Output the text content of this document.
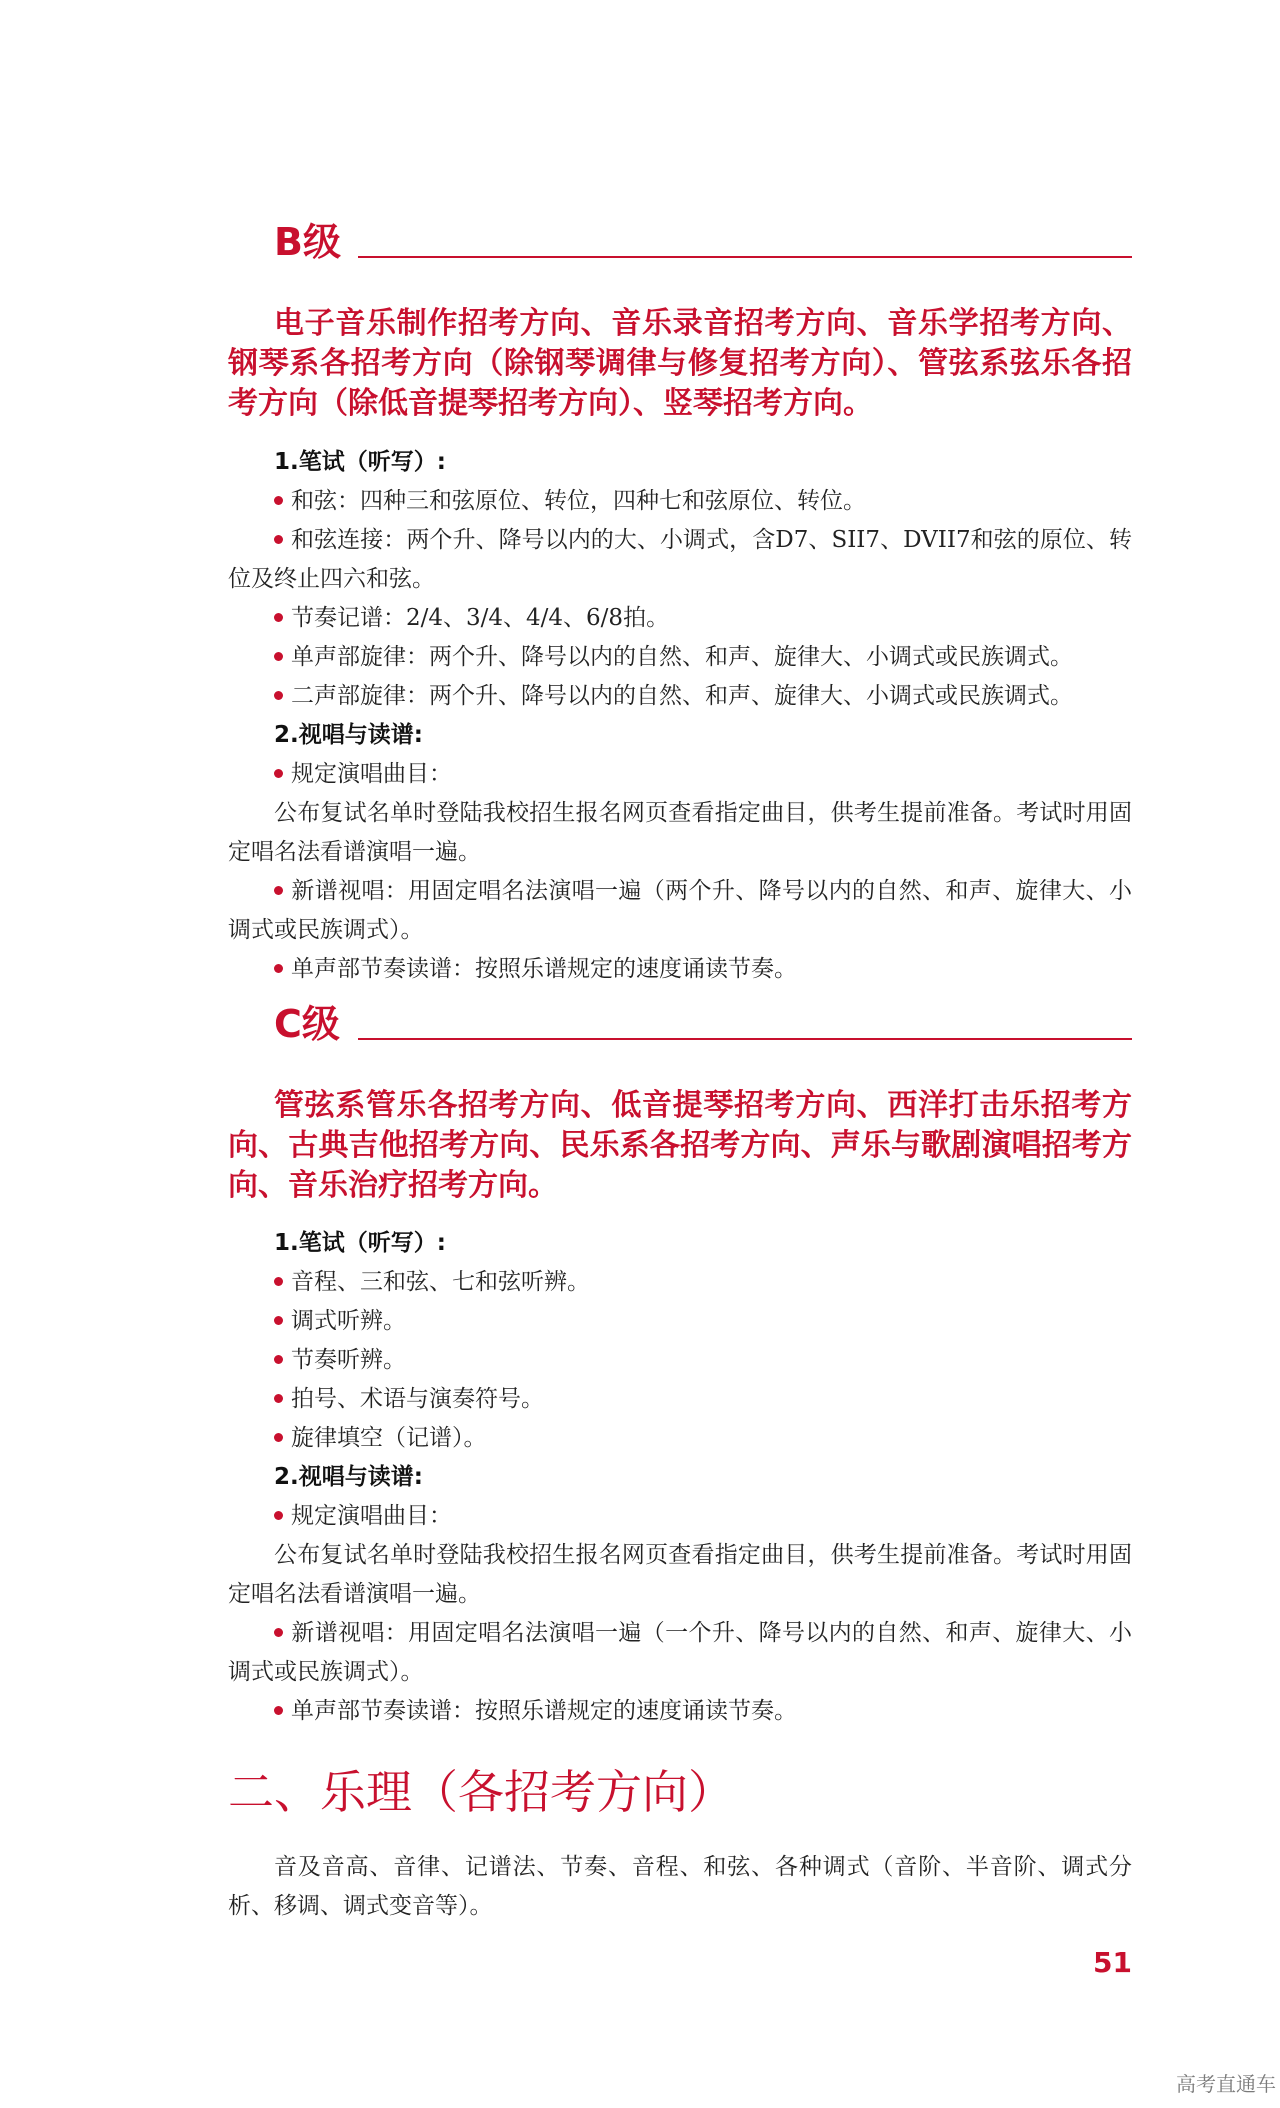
B级

电子音乐制作招考方向、音乐录音招考方向、音乐学招考方向、钢琴系各招考方向（除钢琴调律与修复招考方向）、管弦系弦乐各招考方向（除低音提琴招考方向）、竖琴招考方向。

1.笔试（听写）:
和弦：四种三和弦原位、转位，四种七和弦原位、转位。
和弦连接：两个升、降号以内的大、小调式，含D7、SII7、DVII7和弦的原位、转位及终止四六和弦。
节奏记谱：2/4、3/4、4/4、6/8拍。
单声部旋律：两个升、降号以内的自然、和声、旋律大、小调式或民族调式。
二声部旋律：两个升、降号以内的自然、和声、旋律大、小调式或民族调式。
2.视唱与读谱:
规定演唱曲目：
公布复试名单时登陆我校招生报名网页查看指定曲目，供考生提前准备。考试时用固定唱名法看谱演唱一遍。
新谱视唱：用固定唱名法演唱一遍（两个升、降号以内的自然、和声、旋律大、小调式或民族调式）。
单声部节奏读谱：按照乐谱规定的速度诵读节奏。
C级

管弦系管乐各招考方向、低音提琴招考方向、西洋打击乐招考方向、古典吉他招考方向、民乐系各招考方向、声乐与歌剧演唱招考方向、音乐治疗招考方向。

1.笔试（听写）:
音程、三和弦、七和弦听辨。
调式听辨。
节奏听辨。
拍号、术语与演奏符号。
旋律填空（记谱）。
2.视唱与读谱:
规定演唱曲目：
公布复试名单时登陆我校招生报名网页查看指定曲目，供考生提前准备。考试时用固定唱名法看谱演唱一遍。
新谱视唱：用固定唱名法演唱一遍（一个升、降号以内的自然、和声、旋律大、小调式或民族调式）。
单声部节奏读谱：按照乐谱规定的速度诵读节奏。
二、乐理（各招考方向）
音及音高、音律、记谱法、节奏、音程、和弦、各种调式（音阶、半音阶、调式分析、移调、调式变音等）。
51
高考直通车
